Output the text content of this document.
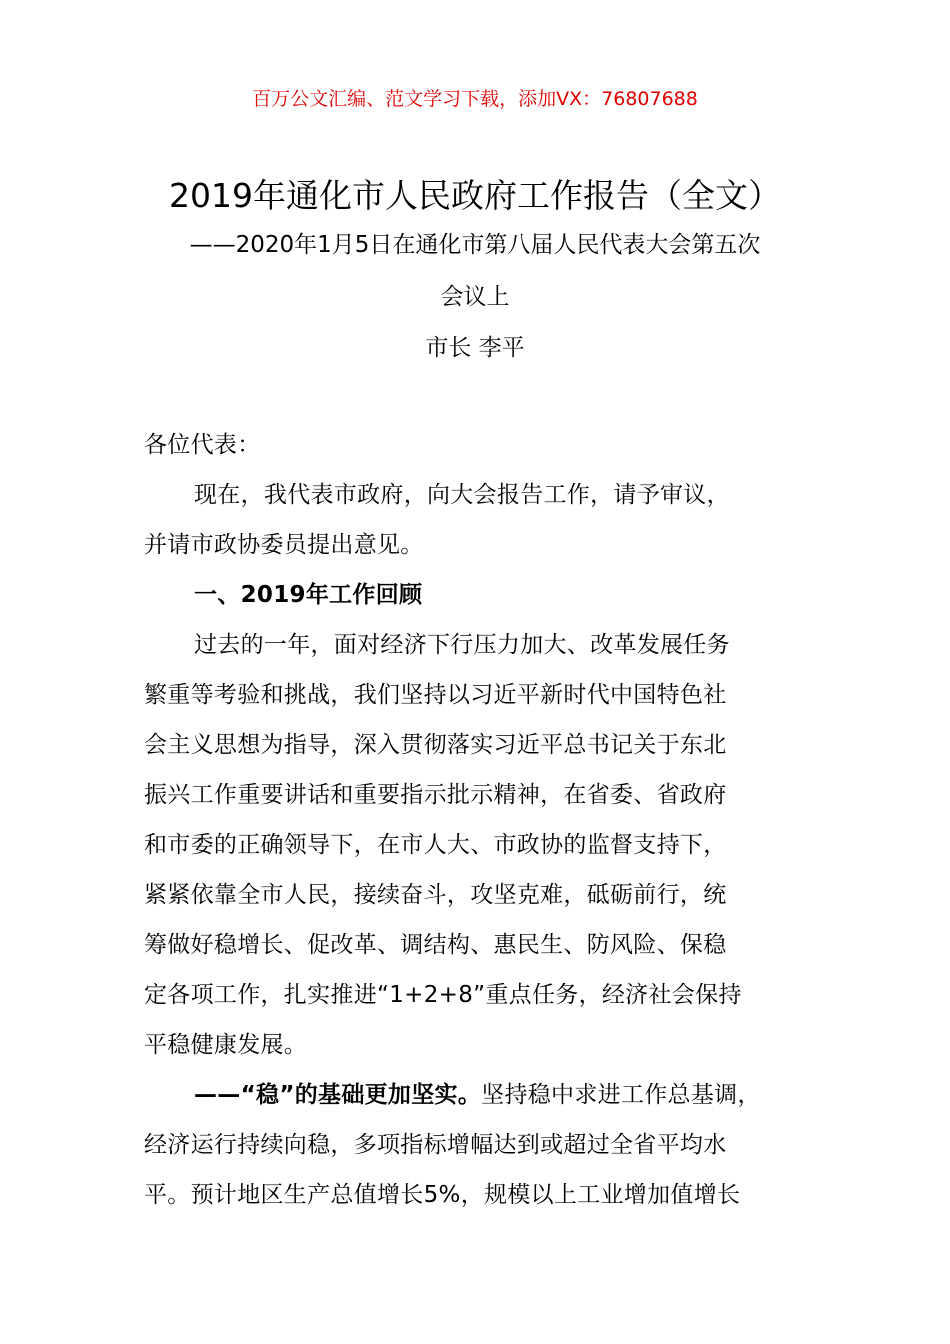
百万公文汇编、范文学习下载，添加VX：76807688
2019年通化市人民政府工作报告（全文）
——2020年1月5日在通化市第八届人民代表大会第五次
会议上
市长 李平
各位代表：
现在，我代表市政府，向大会报告工作，请予审议，
并请市政协委员提出意见。
一、2019年工作回顾
过去的一年，面对经济下行压力加大、改革发展任务
繁重等考验和挑战，我们坚持以习近平新时代中国特色社
会主义思想为指导，深入贯彻落实习近平总书记关于东北
振兴工作重要讲话和重要指示批示精神，在省委、省政府
和市委的正确领导下，在市人大、市政协的监督支持下，
紧紧依靠全市人民，接续奋斗，攻坚克难，砥砺前行，统
筹做好稳增长、促改革、调结构、惠民生、防风险、保稳
定各项工作，扎实推进“1+2+8”重点任务，经济社会保持
平稳健康发展。
——“稳”的基础更加坚实。坚持稳中求进工作总基调，
经济运行持续向稳，多项指标增幅达到或超过全省平均水
平。预计地区生产总值增长5%，规模以上工业增加值增长
